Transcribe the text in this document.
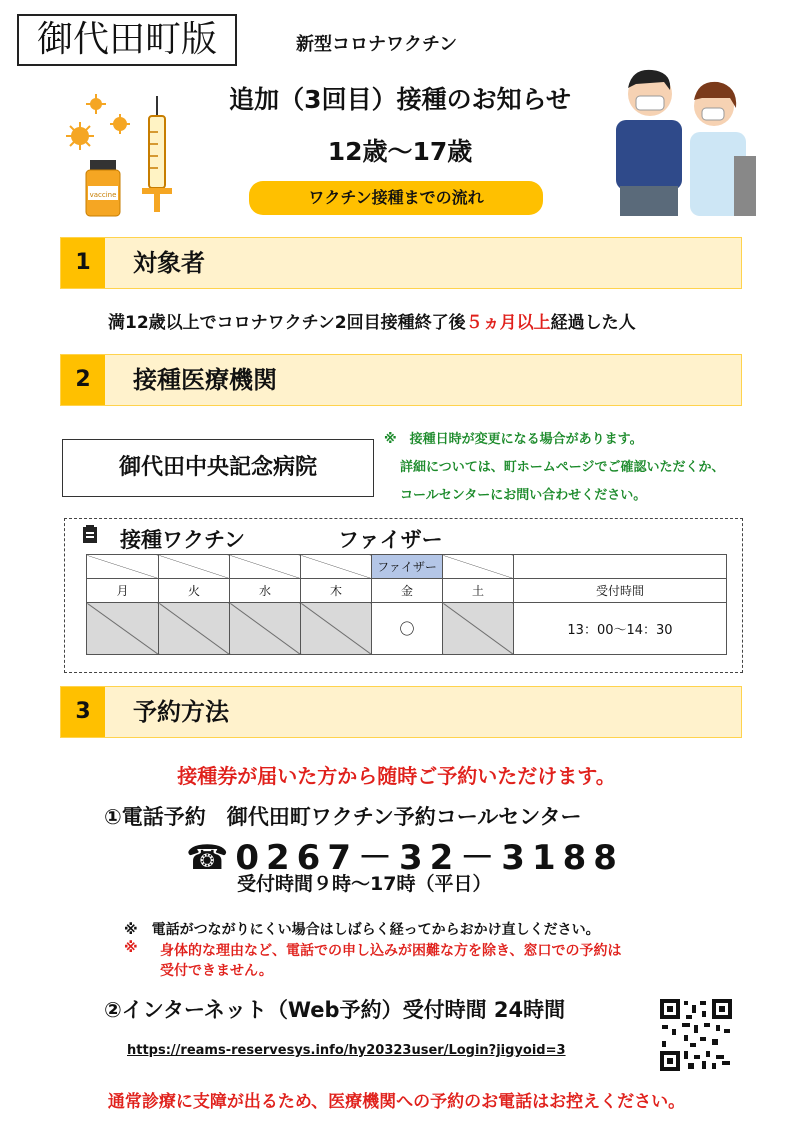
御代田町版	新型コロナワクチン
追加（3回目）接種のお知らせ
12歳～17歳
ワクチン接種までの流れ
vaccine
1	対象者
満12歳以上でコロナワクチン2回目接種終了後５ヵ月以上経過した人
2	接種医療機関
御代田中央記念病院
※　接種日時が変更になる場合があります。
詳細については、町ホームページでご確認いただくか、
コールセンターにお問い合わせください。
接種ワクチン	ファイザー
				ファイザー		
月	火	水	木	金	土	受付時間
				〇		13：00～14：30
3	予約方法
接種券が届いた方から随時ご予約いただけます。
①電話予約　御代田町ワクチン予約コールセンター
☎0267－32－3188
受付時間９時～17時（平日）
※　電話がつながりにくい場合はしばらく経ってからおかけ直しください。
※ 身体的な理由など、電話での申し込みが困難な方を除き、窓口での予約は
受付できません。
②インターネット（Web予約）受付時間 24時間
https://reams-reservesys.info/hy20323user/Login?jigyoid=3
通常診療に支障が出るため、医療機関への予約のお電話はお控えください。
